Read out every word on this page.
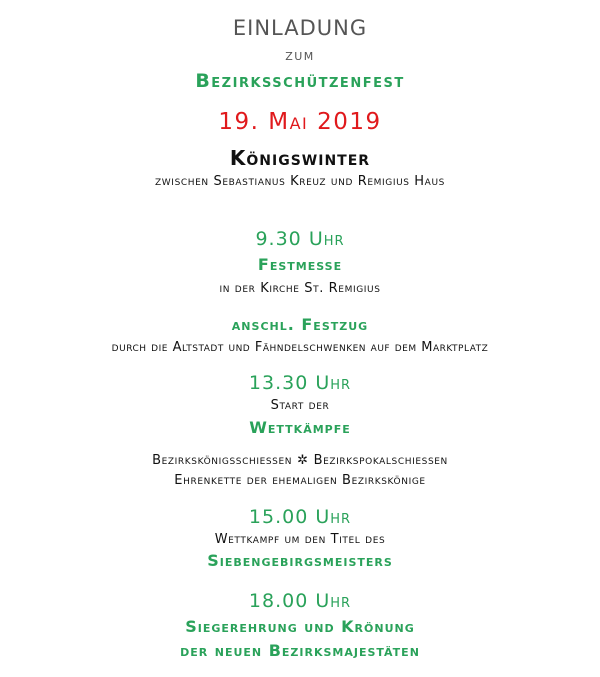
EINLADUNG
zum
Bezirksschützenfest
19. Mai 2019
Königswinter
zwischen Sebastianus Kreuz und Remigius Haus
9.30 Uhr
Festmesse
in der Kirche St. Remigius
anschl. Festzug
durch die Altstadt und Fähndelschwenken auf dem Marktplatz
13.30 Uhr
Start der
Wettkämpfe
Bezirkskönigsschiessen ✲ Bezirkspokalschiessen
Ehrenkette der ehemaligen Bezirkskönige
15.00 Uhr
Wettkampf um den Titel des
Siebengebirgsmeisters
18.00 Uhr
Siegerehrung und Krönung
der neuen Bezirksmajestäten
